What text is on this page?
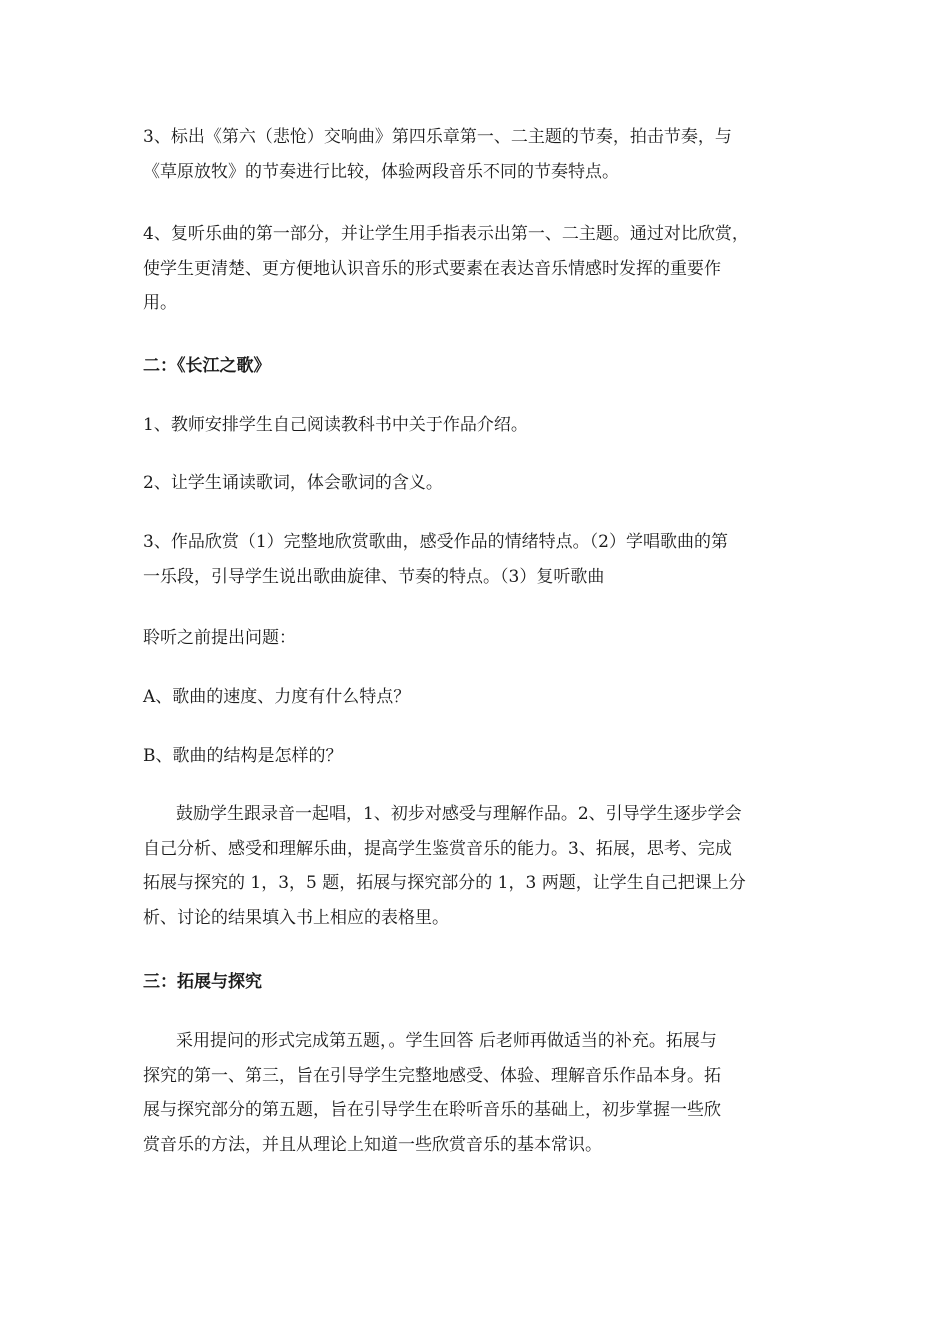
3、标出《第六（悲怆）交响曲》第四乐章第一、二主题的节奏，拍击节奏，与
《草原放牧》的节奏进行比较，体验两段音乐不同的节奏特点。

4、复听乐曲的第一部分，并让学生用手指表示出第一、二主题。通过对比欣赏，
使学生更清楚、更方便地认识音乐的形式要素在表达音乐情感时发挥的重要作
用。

二：《长江之歌》

1、教师安排学生自己阅读教科书中关于作品介绍。

2、让学生诵读歌词，体会歌词的含义。

3、作品欣赏（1）完整地欣赏歌曲，感受作品的情绪特点。（2）学唱歌曲的第
一乐段，引导学生说出歌曲旋律、节奏的特点。（3）复听歌曲

聆听之前提出问题：

A、歌曲的速度、力度有什么特点？

B、歌曲的结构是怎样的？

鼓励学生跟录音一起唱，1、初步对感受与理解作品。2、引导学生逐步学会
自己分析、感受和理解乐曲，提高学生鉴赏音乐的能力。3、拓展，思考、完成
拓展与探究的 1，3，5 题，拓展与探究部分的 1，3 两题，让学生自己把课上分
析、讨论的结果填入书上相应的表格里。

三：拓展与探究

采用提问的形式完成第五题，。学生回答 后老师再做适当的补充。拓展与
探究的第一、第三，旨在引导学生完整地感受、体验、理解音乐作品本身。拓
展与探究部分的第五题，旨在引导学生在聆听音乐的基础上，初步掌握一些欣
赏音乐的方法，并且从理论上知道一些欣赏音乐的基本常识。
